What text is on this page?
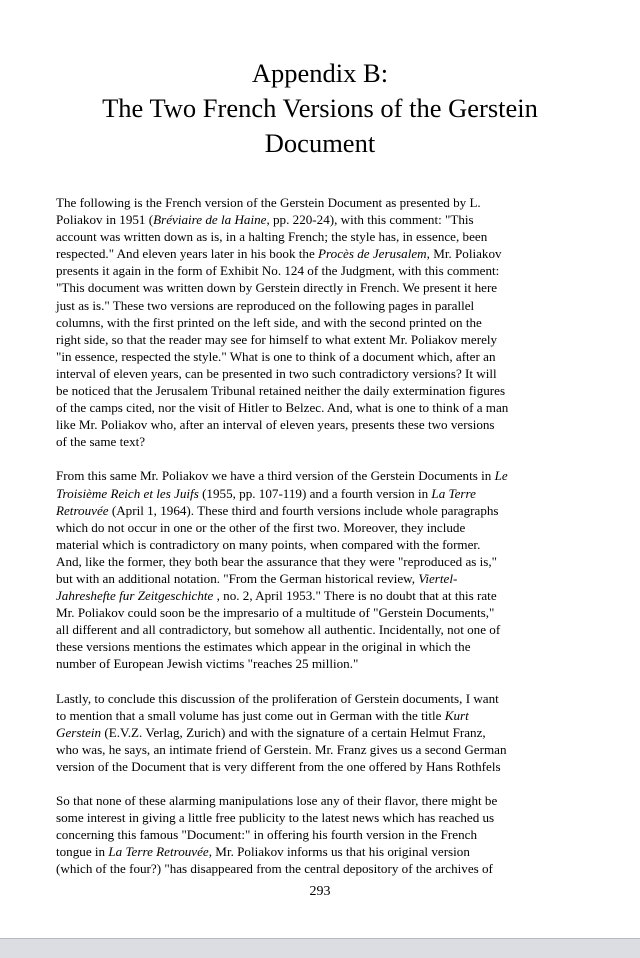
Appendix B:
The Two French Versions of the Gerstein
Document

The following is the French version of the Gerstein Document as presented by L.
Poliakov in 1951 (Bréviaire de la Haine, pp. 220-24), with this comment: "This
account was written down as is, in a halting French; the style has, in essence, been
respected." And eleven years later in his book the Procès de Jerusalem, Mr. Poliakov
presents it again in the form of Exhibit No. 124 of the Judgment, with this comment:
"This document was written down by Gerstein directly in French. We present it here
just as is." These two versions are reproduced on the following pages in parallel
columns, with the first printed on the left side, and with the second printed on the
right side, so that the reader may see for himself to what extent Mr. Poliakov merely
"in essence, respected the style." What is one to think of a document which, after an
interval of eleven years, can be presented in two such contradictory versions? It will
be noticed that the Jerusalem Tribunal retained neither the daily extermination figures
of the camps cited, nor the visit of Hitler to Belzec. And, what is one to think of a man
like Mr. Poliakov who, after an interval of eleven years, presents these two versions
of the same text?

From this same Mr. Poliakov we have a third version of the Gerstein Documents in Le
Troisième Reich et les Juifs (1955, pp. 107-119) and a fourth version in La Terre
Retrouvée (April 1, 1964). These third and fourth versions include whole paragraphs
which do not occur in one or the other of the first two. Moreover, they include
material which is contradictory on many points, when compared with the former.
And, like the former, they both bear the assurance that they were "reproduced as is,"
but with an additional notation. "From the German historical review, Viertel-
Jahreshefte fur Zeitgeschichte , no. 2, April 1953." There is no doubt that at this rate
Mr. Poliakov could soon be the impresario of a multitude of "Gerstein Documents,"
all different and all contradictory, but somehow all authentic. Incidentally, not one of
these versions mentions the estimates which appear in the original in which the
number of European Jewish victims "reaches 25 million."

Lastly, to conclude this discussion of the proliferation of Gerstein documents, I want
to mention that a small volume has just come out in German with the title Kurt
Gerstein (E.V.Z. Verlag, Zurich) and with the signature of a certain Helmut Franz,
who was, he says, an intimate friend of Gerstein. Mr. Franz gives us a second German
version of the Document that is very different from the one offered by Hans Rothfels

So that none of these alarming manipulations lose any of their flavor, there might be
some interest in giving a little free publicity to the latest news which has reached us
concerning this famous "Document:" in offering his fourth version in the French
tongue in La Terre Retrouvée, Mr. Poliakov informs us that his original version
(which of the four?) "has disappeared from the central depository of the archives of

293
